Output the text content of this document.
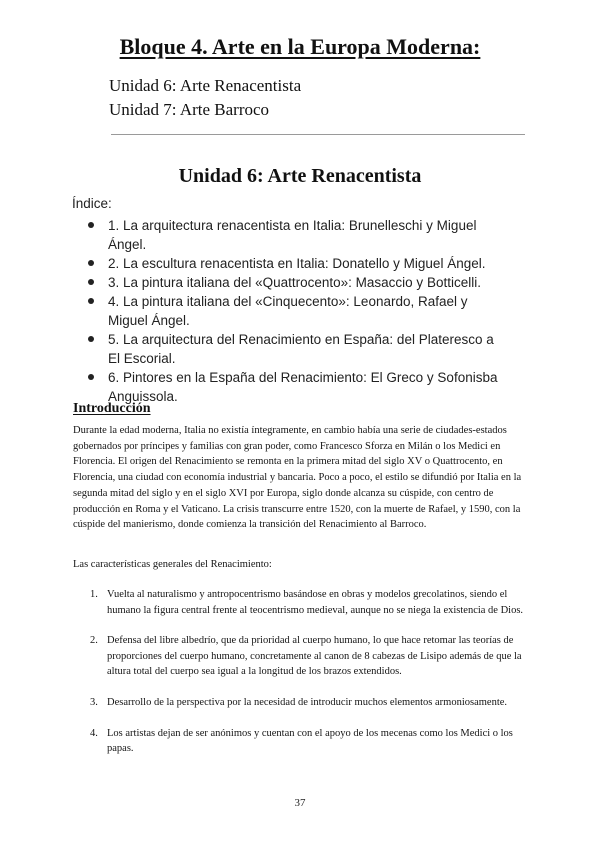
Bloque 4. Arte en la Europa Moderna:
Unidad 6: Arte Renacentista
Unidad 7: Arte Barroco
Unidad 6: Arte Renacentista
Índice:
1. La arquitectura renacentista en Italia: Brunelleschi y Miguel Ángel.
2. La escultura renacentista en Italia: Donatello y Miguel Ángel.
3. La pintura italiana del «Quattrocento»: Masaccio y Botticelli.
4. La pintura italiana del «Cinquecento»: Leonardo, Rafael y Miguel Ángel.
5. La arquitectura del Renacimiento en España: del Plateresco a El Escorial.
6. Pintores en la España del Renacimiento: El Greco y Sofonisba Anguissola.
Introducción

Durante la edad moderna, Italia no existía íntegramente, en cambio había una serie de ciudades-estados gobernados por príncipes y familias con gran poder, como Francesco Sforza en Milán o los Medici en Florencia. El origen del Renacimiento se remonta en la primera mitad del siglo XV o Quattrocento, en Florencia, una ciudad con economía industrial y bancaria. Poco a poco, el estilo se difundió por Italia en la segunda mitad del siglo y en el siglo XVI por Europa, siglo donde alcanza su cúspide, con centro de producción en Roma y el Vaticano. La crisis transcurre entre 1520, con la muerte de Rafael, y 1590, con la cúspide del manierismo, donde comienza la transición del Renacimiento al Barroco.

Las características generales del Renacimiento:
1. Vuelta al naturalismo y antropocentrismo basándose en obras y modelos grecolatinos, siendo el humano la figura central frente al teocentrismo medieval, aunque no se niega la existencia de Dios.
2. Defensa del libre albedrío, que da prioridad al cuerpo humano, lo que hace retomar las teorías de proporciones del cuerpo humano, concretamente al canon de 8 cabezas de Lisipo además de que la altura total del cuerpo sea igual a la longitud de los brazos extendidos.
3. Desarrollo de la perspectiva por la necesidad de introducir muchos elementos armoniosamente.
4. Los artistas dejan de ser anónimos y cuentan con el apoyo de los mecenas como los Medici o los papas.
37
